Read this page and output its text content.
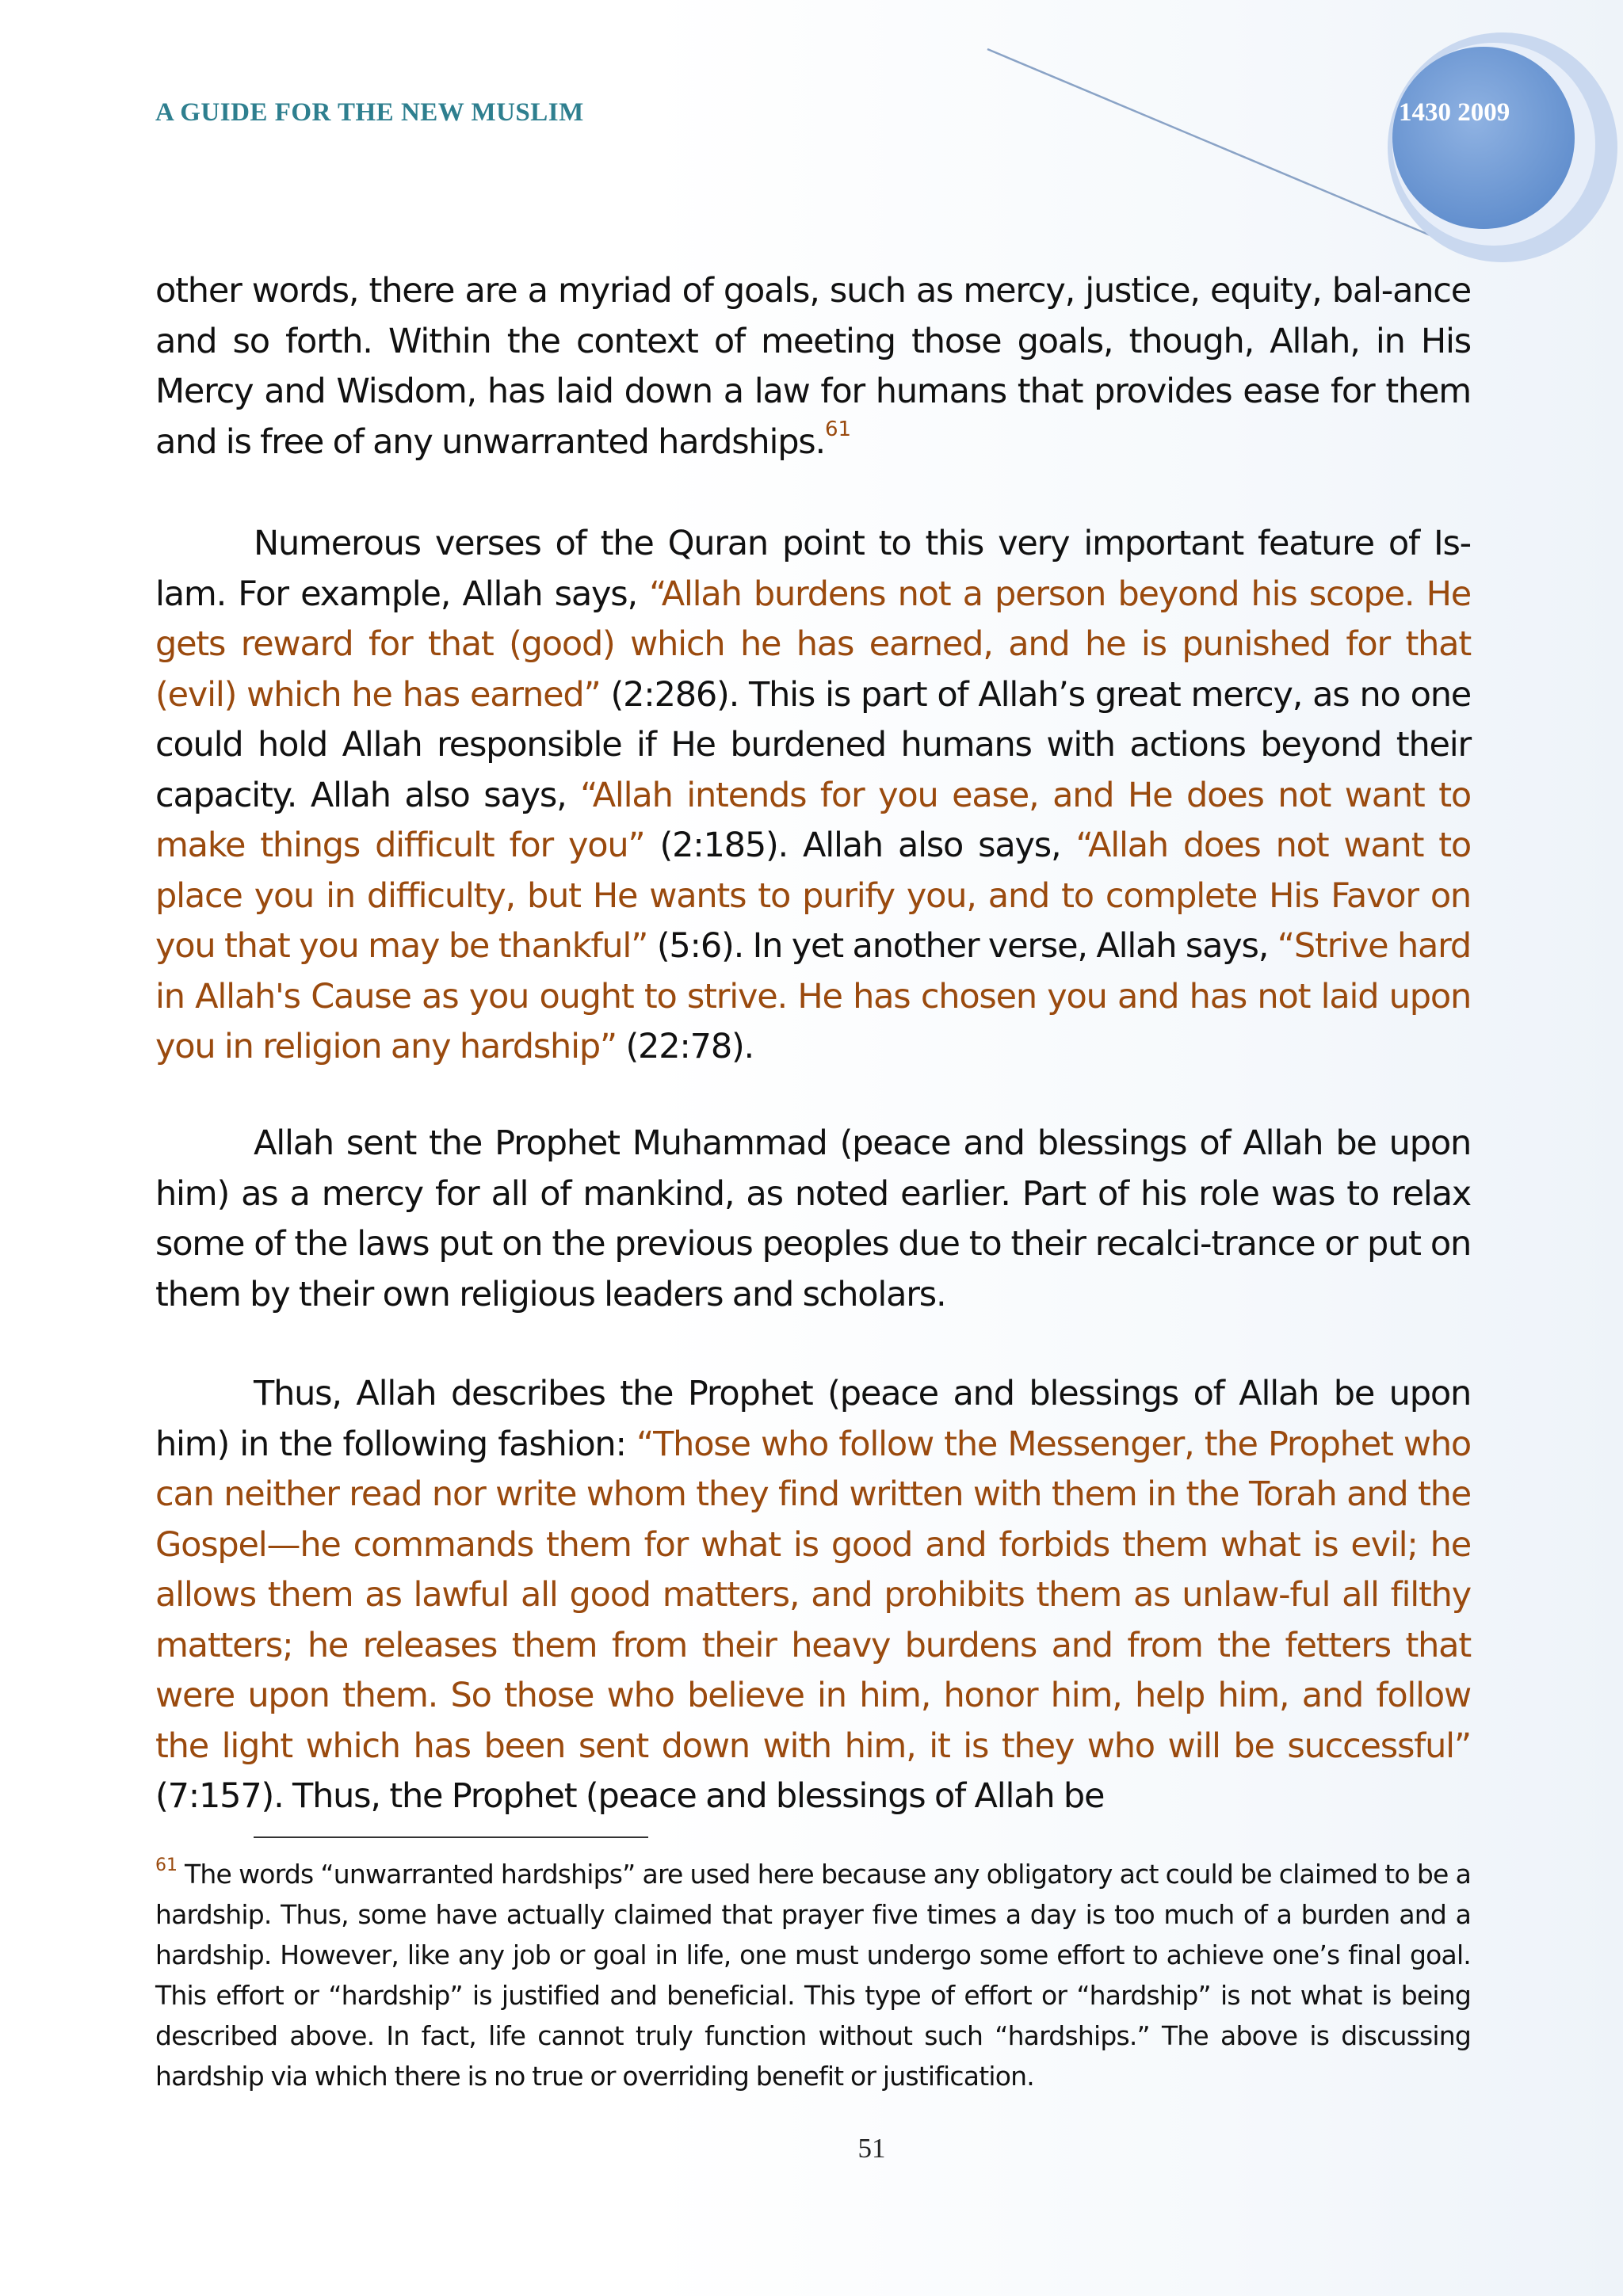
A GUIDE FOR THE NEW MUSLIM	1430 2009

other words, there are a myriad of goals, such as mercy, justice, equity, bal-ance and so forth. Within the context of meeting those goals, though, Allah, in His Mercy and Wisdom, has laid down a law for humans that provides ease for them and is free of any unwarranted hardships.$^{61}$

Numerous verses of the Quran point to this very important feature of Is-lam. For example, Allah says, “Allah burdens not a person beyond his scope. He gets reward for that (good) which he has earned, and he is punished for that (evil) which he has earned” (2:286). This is part of Allah’s great mercy, as no one could hold Allah responsible if He burdened humans with actions beyond their capacity. Allah also says, “Allah intends for you ease, and He does not want to make things difficult for you” (2:185). Allah also says, “Allah does not want to place you in difficulty, but He wants to purify you, and to complete His Favor on you that you may be thankful” (5:6). In yet another verse, Allah says, “Strive hard in Allah's Cause as you ought to strive. He has chosen you and has not laid upon you in religion any hardship” (22:78).

Allah sent the Prophet Muhammad (peace and blessings of Allah be upon him) as a mercy for all of mankind, as noted earlier. Part of his role was to relax some of the laws put on the previous peoples due to their recalci-trance or put on them by their own religious leaders and scholars.

Thus, Allah describes the Prophet (peace and blessings of Allah be upon him) in the following fashion: “Those who follow the Messenger, the Prophet who can neither read nor write whom they find written with them in the Torah and the Gospel—he commands them for what is good and forbids them what is evil; he allows them as lawful all good matters, and prohibits them as unlaw-ful all filthy matters; he releases them from their heavy burdens and from the fetters that were upon them. So those who believe in him, honor him, help him, and follow the light which has been sent down with him, it is they who will be successful” (7:157). Thus, the Prophet (peace and blessings of Allah be

$^{61}$ The words “unwarranted hardships” are used here because any obligatory act could be claimed to be a hardship. Thus, some have actually claimed that prayer five times a day is too much of a burden and a hardship. However, like any job or goal in life, one must undergo some effort to achieve one’s final goal. This effort or “hardship” is justified and beneficial. This type of effort or “hardship” is not what is being described above. In fact, life cannot truly function without such “hardships.” The above is discussing hardship via which there is no true or overriding benefit or justification.
51
